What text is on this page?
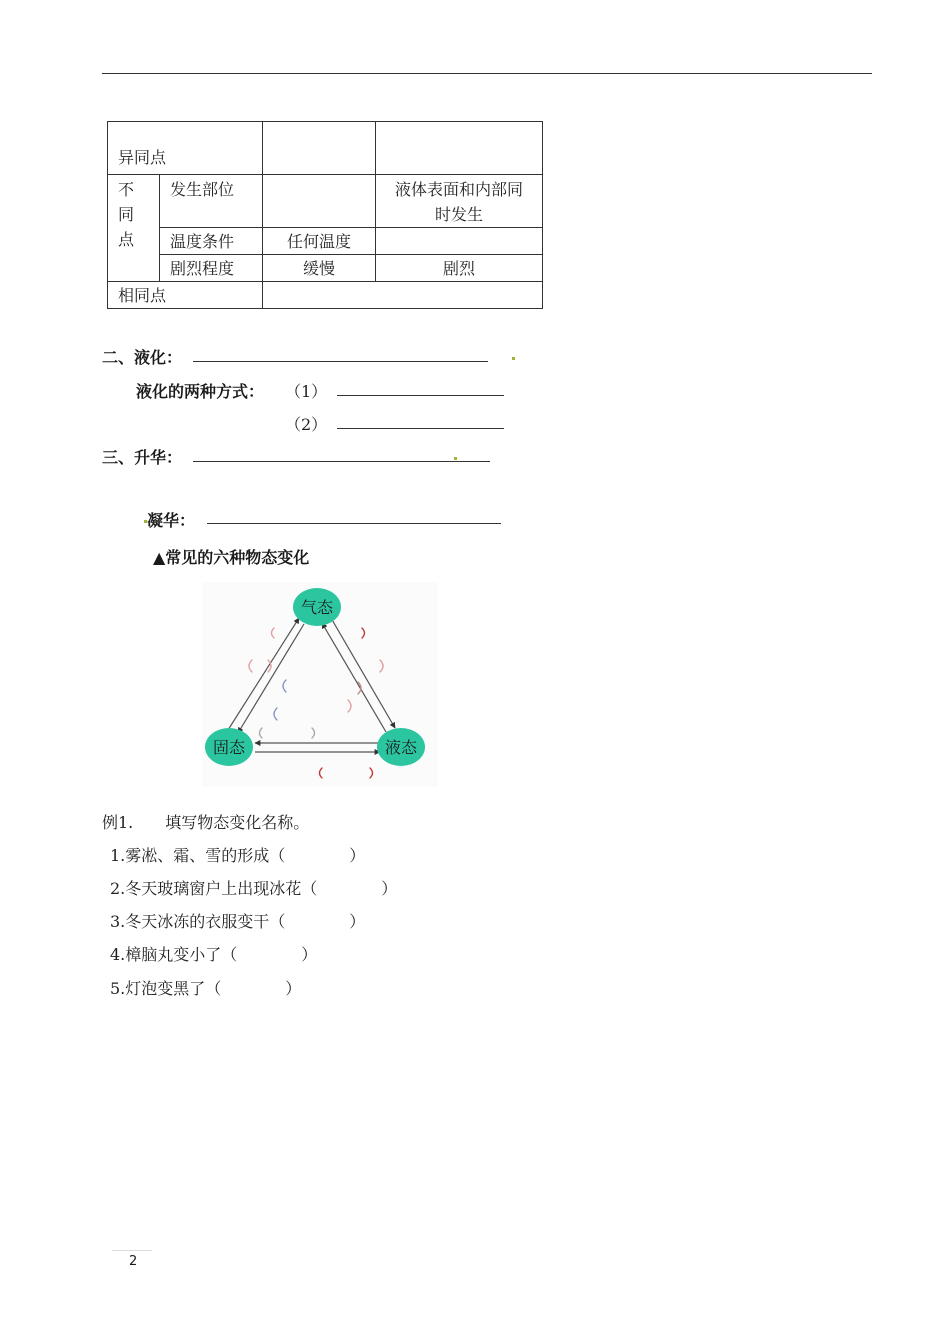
异同点			

不
同
点	发生部位		液体表面和内部同时发生
	温度条件	任何温度	
	剧烈程度	缓慢	剧烈
相同点			
二、液化：
液化的两种方式： （1）
（2）
三、升华：
凝华：
▲常见的六种物态变化
气态
固态	液态
例1.　　填写物态变化名称。
1.雾凇、霜、雪的形成（　　　　）
2.冬天玻璃窗户上出现冰花（　　　　）
3.冬天冰冻的衣服变干（　　　　）
4.樟脑丸变小了（　　　　）
5.灯泡变黑了（　　　　）
2
